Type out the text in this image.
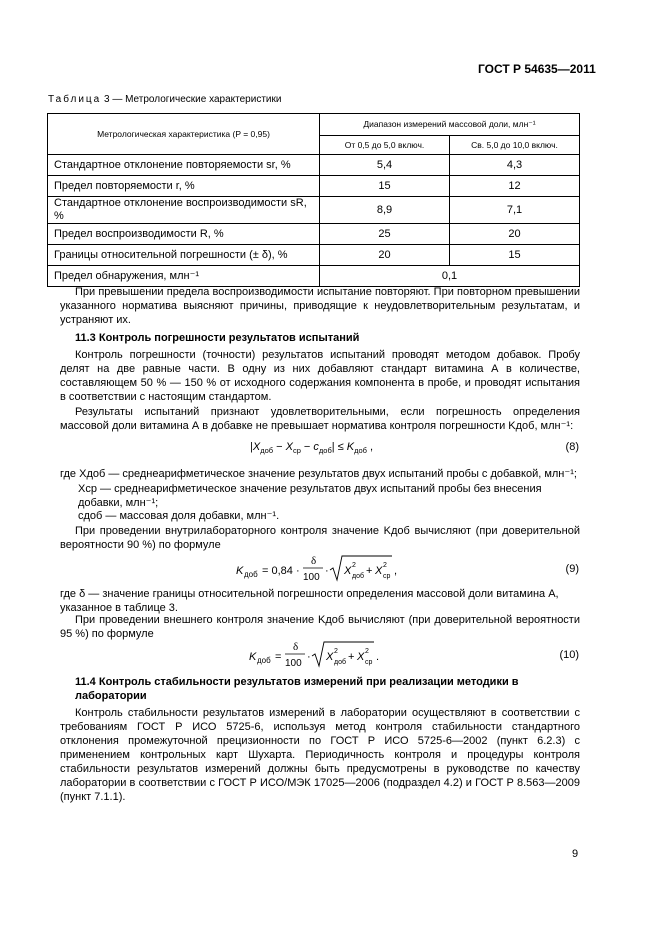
ГОСТ Р 54635—2011
Таблица 3 — Метрологические характеристики
Метрологическая характеристика (P = 0,95)	Диапазон измерений массовой доли, млн⁻¹	
	От 0,5 до 5,0 включ.	Св. 5,0 до 10,0 включ.
Стандартное отклонение повторяемости sr, %	5,4	4,3
Предел повторяемости r, %	15	12
Стандартное отклонение воспроизводимости sR, %	8,9	7,1
Предел воспроизводимости R, %	25	20
Границы относительной погрешности (± δ), %	20	15
Предел обнаружения, млн⁻¹	0,1	
При превышении предела воспроизводимости испытание повторяют. При повторном превышении указанного норматива выясняют причины, приводящие к неудовлетворительным результатам, и устраняют их.
11.3 Контроль погрешности результатов испытаний
Контроль погрешности (точности) результатов испытаний проводят методом добавок. Пробу делят на две равные части. В одну из них добавляют стандарт витамина А в количестве, составляющем 50 % — 150 % от исходного содержания компонента в пробе, и проводят испытания в соответствии с настоящим стандартом.
Результаты испытаний признают удовлетворительными, если погрешность определения массовой доли витамина А в добавке не превышает норматива контроля погрешности Kдоб, млн⁻¹:
$|X_{доб} - X_{ср} - c_{доб}| \le K_{доб}$ ,	(8)
где Xдоб — среднеарифметическое значение результатов двух испытаний пробы с добавкой, млн⁻¹;
Xср — среднеарифметическое значение результатов двух испытаний пробы без внесения добавки, млн⁻¹;
cдоб — массовая доля добавки, млн⁻¹.
При проведении внутрилабораторного контроля значение Kдоб вычисляют (при доверительной вероятности 90 %) по формуле
K доб = 0,84 ·
δ
100
· X 2
доб + X 2
ср ,	(9)
где δ — значение границы относительной погрешности определения массовой доли витамина А, указанное в таблице 3.
При проведении внешнего контроля значение Kдоб вычисляют (при доверительной вероятности 95 %) по формуле
K доб =
δ
100
· X 2
доб + X 2
ср .	(10)
11.4 Контроль стабильности результатов измерений при реализации методики в лаборатории
Контроль стабильности результатов измерений в лаборатории осуществляют в соответствии с требованиям ГОСТ Р ИСО 5725-6, используя метод контроля стабильности стандартного отклонения промежуточной прецизионности по ГОСТ Р ИСО 5725-6—2002 (пункт 6.2.3) с применением контрольных карт Шухарта. Периодичность контроля и процедуры контроля стабильности результатов измерений должны быть предусмотрены в руководстве по качеству лаборатории в соответствии с ГОСТ Р ИСО/МЭК 17025—2006 (подраздел 4.2) и ГОСТ Р 8.563—2009 (пункт 7.1.1).
9
